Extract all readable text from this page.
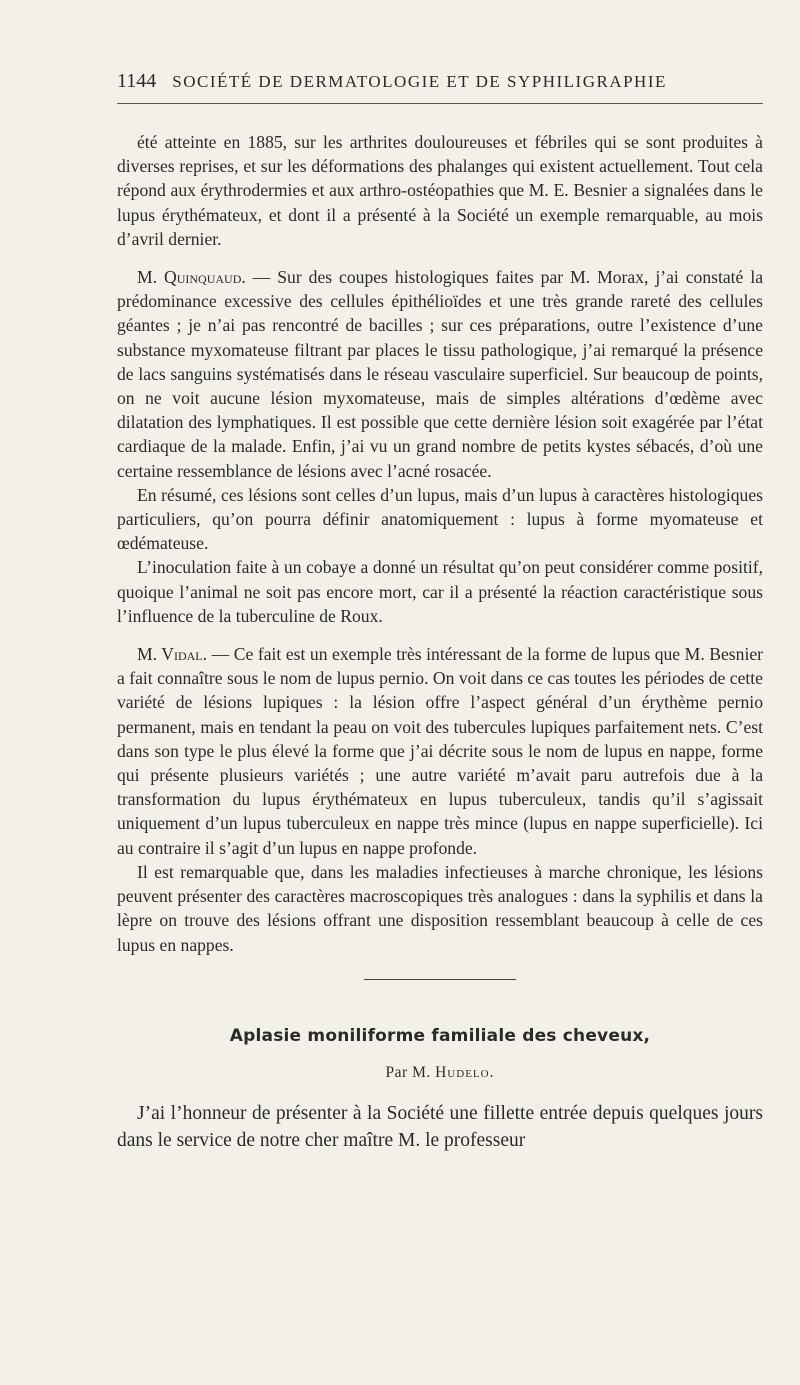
1144 SOCIÉTÉ DE DERMATOLOGIE ET DE SYPHILIGRAPHIE

été atteinte en 1885, sur les arthrites douloureuses et fébriles qui se sont produites à diverses reprises, et sur les déformations des phalanges qui existent actuellement. Tout cela répond aux érythrodermies et aux arthro-ostéopathies que M. E. Besnier a signalées dans le lupus érythémateux, et dont il a présenté à la Société un exemple remarquable, au mois d’avril dernier.

M. Quinquaud. — Sur des coupes histologiques faites par M. Morax, j’ai constaté la prédominance excessive des cellules épithélioïdes et une très grande rareté des cellules géantes ; je n’ai pas rencontré de bacilles ; sur ces préparations, outre l’existence d’une substance myxomateuse filtrant par places le tissu pathologique, j’ai remarqué la présence de lacs sanguins systématisés dans le réseau vasculaire superficiel. Sur beaucoup de points, on ne voit aucune lésion myxomateuse, mais de simples altérations d’œdème avec dilatation des lymphatiques. Il est possible que cette dernière lésion soit exagérée par l’état cardiaque de la malade. Enfin, j’ai vu un grand nombre de petits kystes sébacés, d’où une certaine ressemblance de lésions avec l’acné rosacée.

En résumé, ces lésions sont celles d’un lupus, mais d’un lupus à caractères histologiques particuliers, qu’on pourra définir anatomiquement : lupus à forme myomateuse et œdémateuse.

L’inoculation faite à un cobaye a donné un résultat qu’on peut considérer comme positif, quoique l’animal ne soit pas encore mort, car il a présenté la réaction caractéristique sous l’influence de la tuberculine de Roux.

M. Vidal. — Ce fait est un exemple très intéressant de la forme de lupus que M. Besnier a fait connaître sous le nom de lupus pernio. On voit dans ce cas toutes les périodes de cette variété de lésions lupiques : la lésion offre l’aspect général d’un érythème pernio permanent, mais en tendant la peau on voit des tubercules lupiques parfaitement nets. C’est dans son type le plus élevé la forme que j’ai décrite sous le nom de lupus en nappe, forme qui présente plusieurs variétés ; une autre variété m’avait paru autrefois due à la transformation du lupus érythémateux en lupus tuberculeux, tandis qu’il s’agissait uniquement d’un lupus tuberculeux en nappe très mince (lupus en nappe superficielle). Ici au contraire il s’agit d’un lupus en nappe profonde.

Il est remarquable que, dans les maladies infectieuses à marche chronique, les lésions peuvent présenter des caractères macroscopiques très analogues : dans la syphilis et dans la lèpre on trouve des lésions offrant une disposition ressemblant beaucoup à celle de ces lupus en nappes.

Aplasie moniliforme familiale des cheveux,
Par M. Hudelo.

J’ai l’honneur de présenter à la Société une fillette entrée depuis quelques jours dans le service de notre cher maître M. le professeur
